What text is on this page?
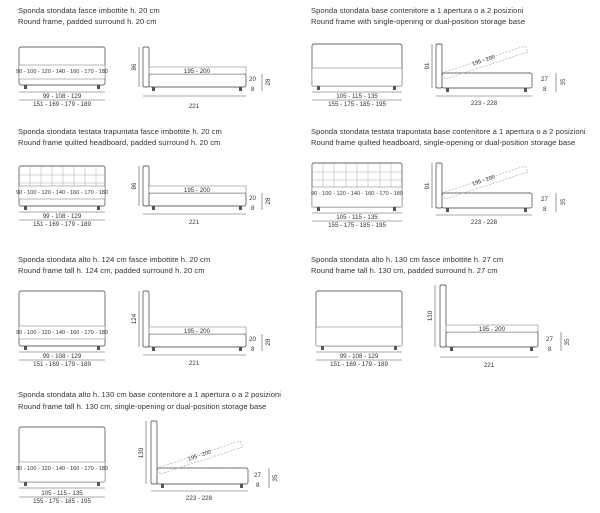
Sponda stondata fasce imbottite h. 20 cm
Round frame, padded surround h. 20 cm
90 - 100 - 120 - 140 - 160 - 170 - 180
99 - 108 - 129
151 - 169 - 179 - 189
86
195 - 200
221
20
8
28
Sponda stondata base contenitore a 1 apertura o a 2 posizioni
Round frame with single-opening or dual-position storage base
105 - 115 - 135
155 - 175 - 185 - 195
91	195 - 200
223 - 228
27
8
35
Sponda stondata testata trapuntata fasce imbottite h. 20 cm
Round frame quilted headboard, padded surround h. 20 cm
90 - 100 - 120 - 140 - 160 - 170 - 180
99 - 108 - 129
151 - 169 - 179 - 189
86
195 - 200
221
20
8
28
Sponda stondata testata trapuntata base contenitore a 1 apertura o a 2 posizioni
Round frame quilted headboard, single-opening or dual-position storage base
90 - 100 - 120 - 140 - 160 - 170 - 180
105 - 115 - 135
155 - 175 - 185 - 195
91	195 - 200
223 - 228
27
8
35
Sponda stondata alto h. 124 cm fasce imbottite h. 20 cm
Round frame tall h. 124 cm, padded surround h. 20 cm
90 - 100 - 120 - 140 - 160 - 170 - 180
99 - 108 - 129
151 - 169 - 179 - 189
124
195 - 200
221
20
8
28
Sponda stondata alto h. 130 cm fasce imbottite h. 27 cm
Round frame tall h. 130 cm, padded surround h. 27 cm
99 - 108 - 129
151 - 169 - 179 - 189
130
195 - 200
221
27
8
35
Sponda stondata alto h. 130 cm base contenitore a 1 apertura o a 2 posizioni
Round frame tall h. 130 cm, single-opening or dual-position storage base
90 - 100 - 120 - 140 - 160 - 170 - 180
105 - 115 - 135
155 - 175 - 185 - 195
130	195 - 200
223 - 228
27
8
35
